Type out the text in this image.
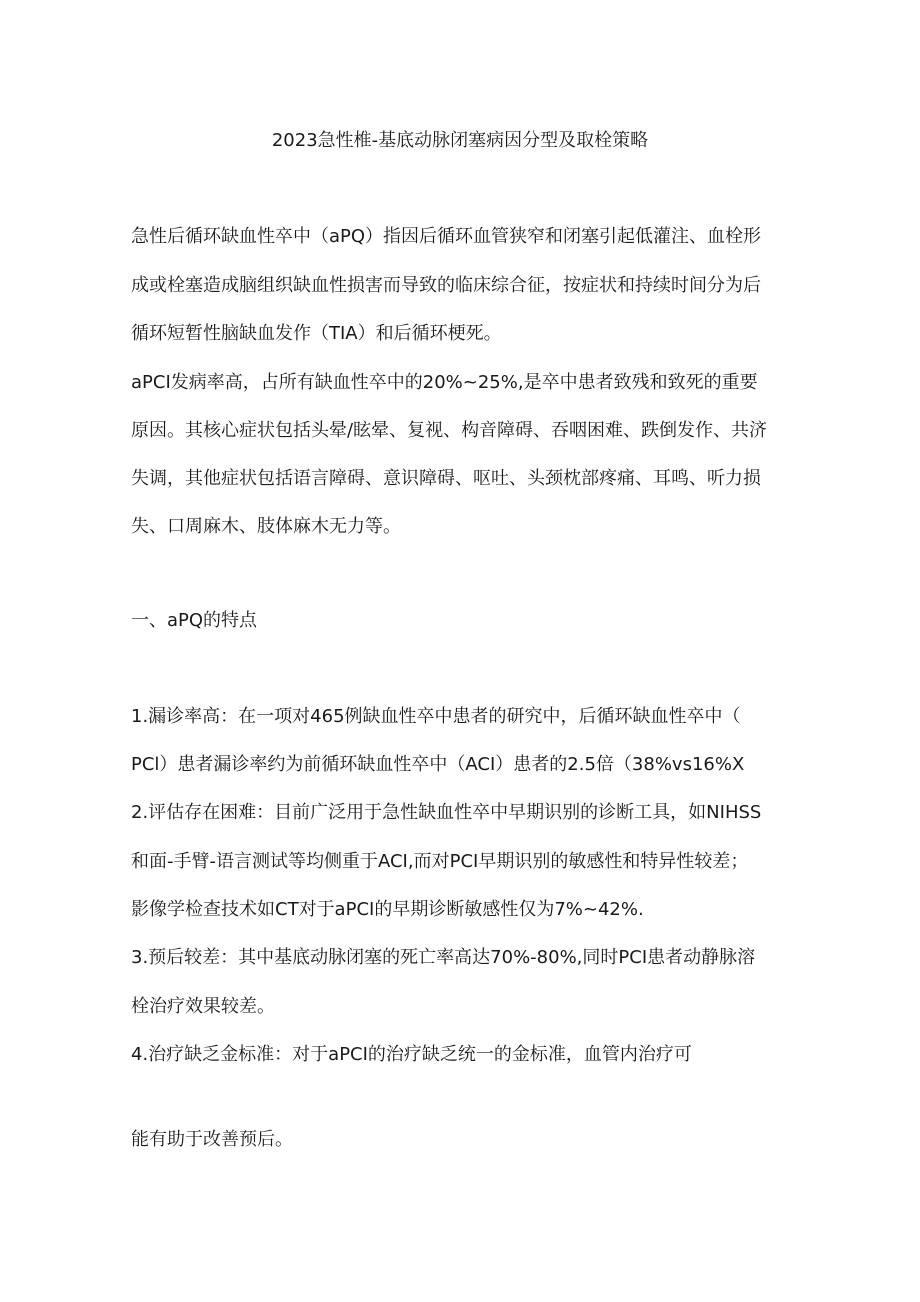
2023急性椎-基底动脉闭塞病因分型及取栓策略
急性后循环缺血性卒中（aPQ）指因后循环血管狭窄和闭塞引起低灌注、血栓形
成或栓塞造成脑组织缺血性损害而导致的临床综合征，按症状和持续时间分为后
循环短暂性脑缺血发作（TIA）和后循环梗死。
aPCI发病率高，占所有缺血性卒中的20%~25%,是卒中患者致残和致死的重要
原因。其核心症状包括头晕/眩晕、复视、构音障碍、吞咽困难、跌倒发作、共济
失调，其他症状包括语言障碍、意识障碍、呕吐、头颈枕部疼痛、耳鸣、听力损
失、口周麻木、肢体麻木无力等。
一、aPQ的特点
1.漏诊率高：在一项对465例缺血性卒中患者的研究中，后循环缺血性卒中（
PCl）患者漏诊率约为前循环缺血性卒中（ACI）患者的2.5倍（38%vs16%X
2.评估存在困难：目前广泛用于急性缺血性卒中早期识别的诊断工具，如NIHSS
和面-手臂-语言测试等均侧重于ACI,而对PCI早期识别的敏感性和特异性较差；
影像学检查技术如CT对于aPCI的早期诊断敏感性仅为7%~42%.
3.预后较差：其中基底动脉闭塞的死亡率高达70%-80%,同时PCI患者动静脉溶
栓治疗效果较差。
4.治疗缺乏金标准：对于aPCI的治疗缺乏统一的金标准，血管内治疗可
能有助于改善预后。
